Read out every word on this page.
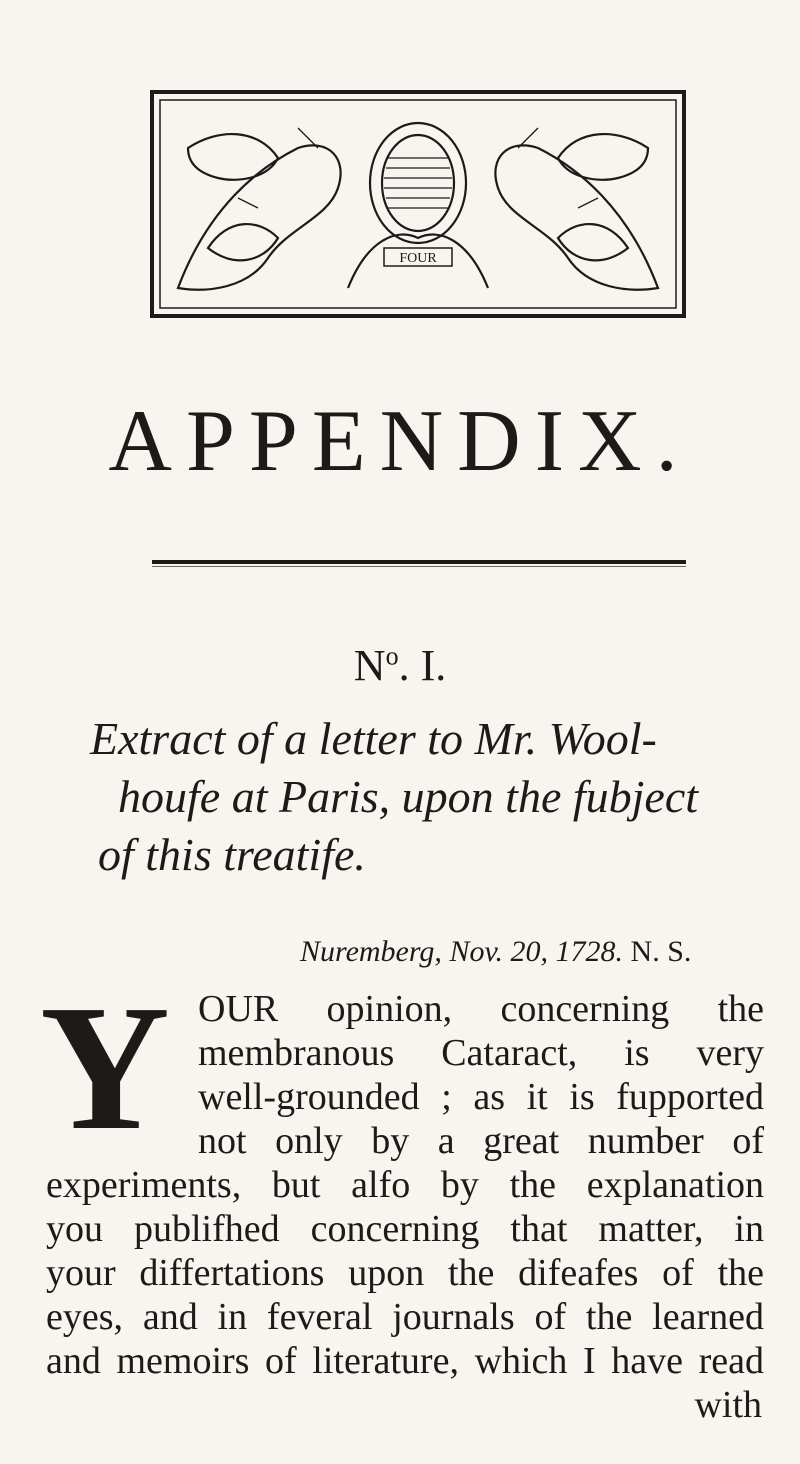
FOUR
APPENDIX.
$N^o$. I.

Extract of a letter to Mr. Wool-

houfe at Paris, upon the fubject

of this treatife.

Nuremberg, Nov. 20, 1728. N. S.
Y OUR opinion, concerning the
membranous Cataract, is very
well-grounded ; as it is fupported
not only by a great number of
experiments, but alfo by the explanation
you publifhed concerning that matter, in
your differtations upon the difeafes of the
eyes, and in feveral journals of the learned
and memoirs of literature, which I have read
with
